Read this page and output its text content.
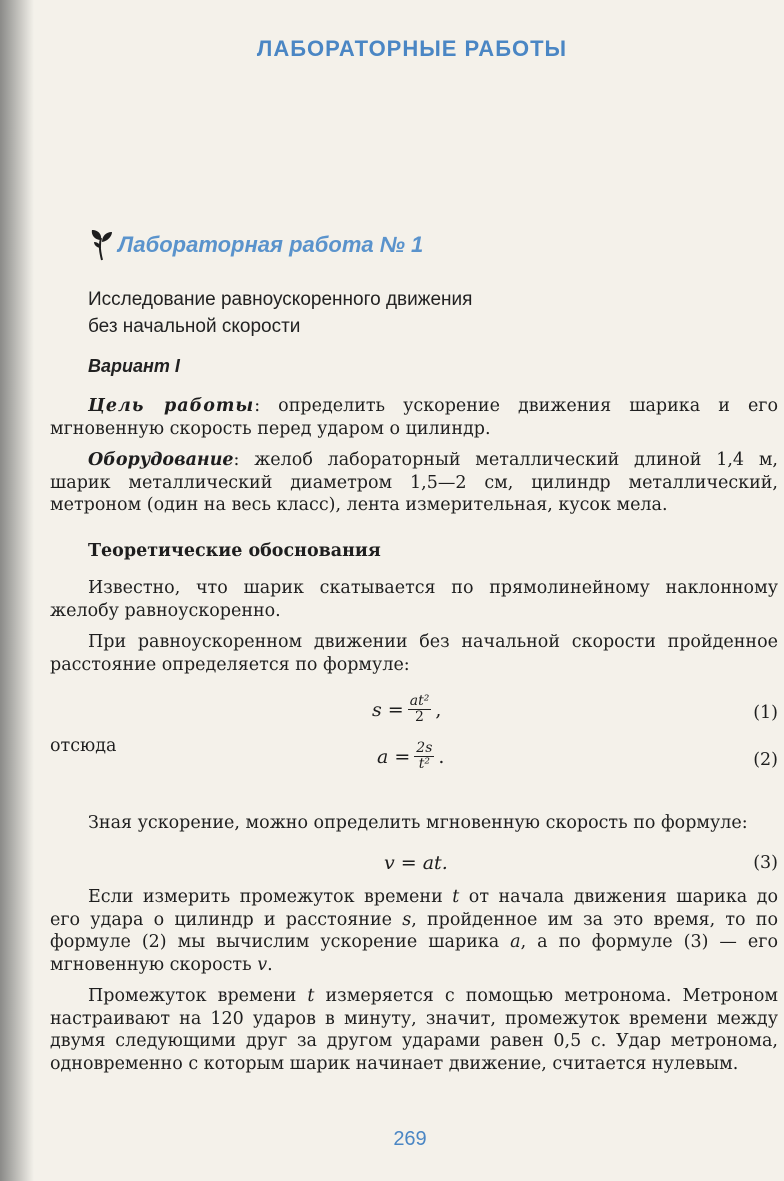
ЛАБОРАТОРНЫЕ РАБОТЫ
Лабораторная работа № 1
Исследование равноускоренного движения
без начальной скорости
Вариант I

Цель работы: определить ускорение движения шарика и его мгновенную скорость перед ударом о цилиндр.

Оборудование: желоб лабораторный металлический длиной 1,4 м, шарик металлический диаметром 1,5—2 см, цилиндр металлический, метроном (один на весь класс), лента измерительная, кусок мела.

Теоретические обоснования

Известно, что шарик скатывается по прямолинейному наклонному желобу равноускоренно.

При равноускоренном движении без начальной скорости пройденное расстояние определяется по формуле:

$s = \frac{\text{at²}}{2}$ ,	(1)
отсюда	$a = \frac{2s}{\text{t²}}$ .	(2)

Зная ускорение, можно определить мгновенную скорость по формуле:

v = at.	(3)

Если измерить промежуток времени t от начала движения шарика до его удара о цилиндр и расстояние s, пройденное им за это время, то по формуле (2) мы вычислим ускорение шарика a, а по формуле (3) — его мгновенную скорость v.

Промежуток времени t измеряется с помощью метронома. Метроном настраивают на 120 ударов в минуту, значит, промежуток времени между двумя следующими друг за другом ударами равен 0,5 с. Удар метронома, одновременно с которым шарик начинает движение, считается нулевым.

269
